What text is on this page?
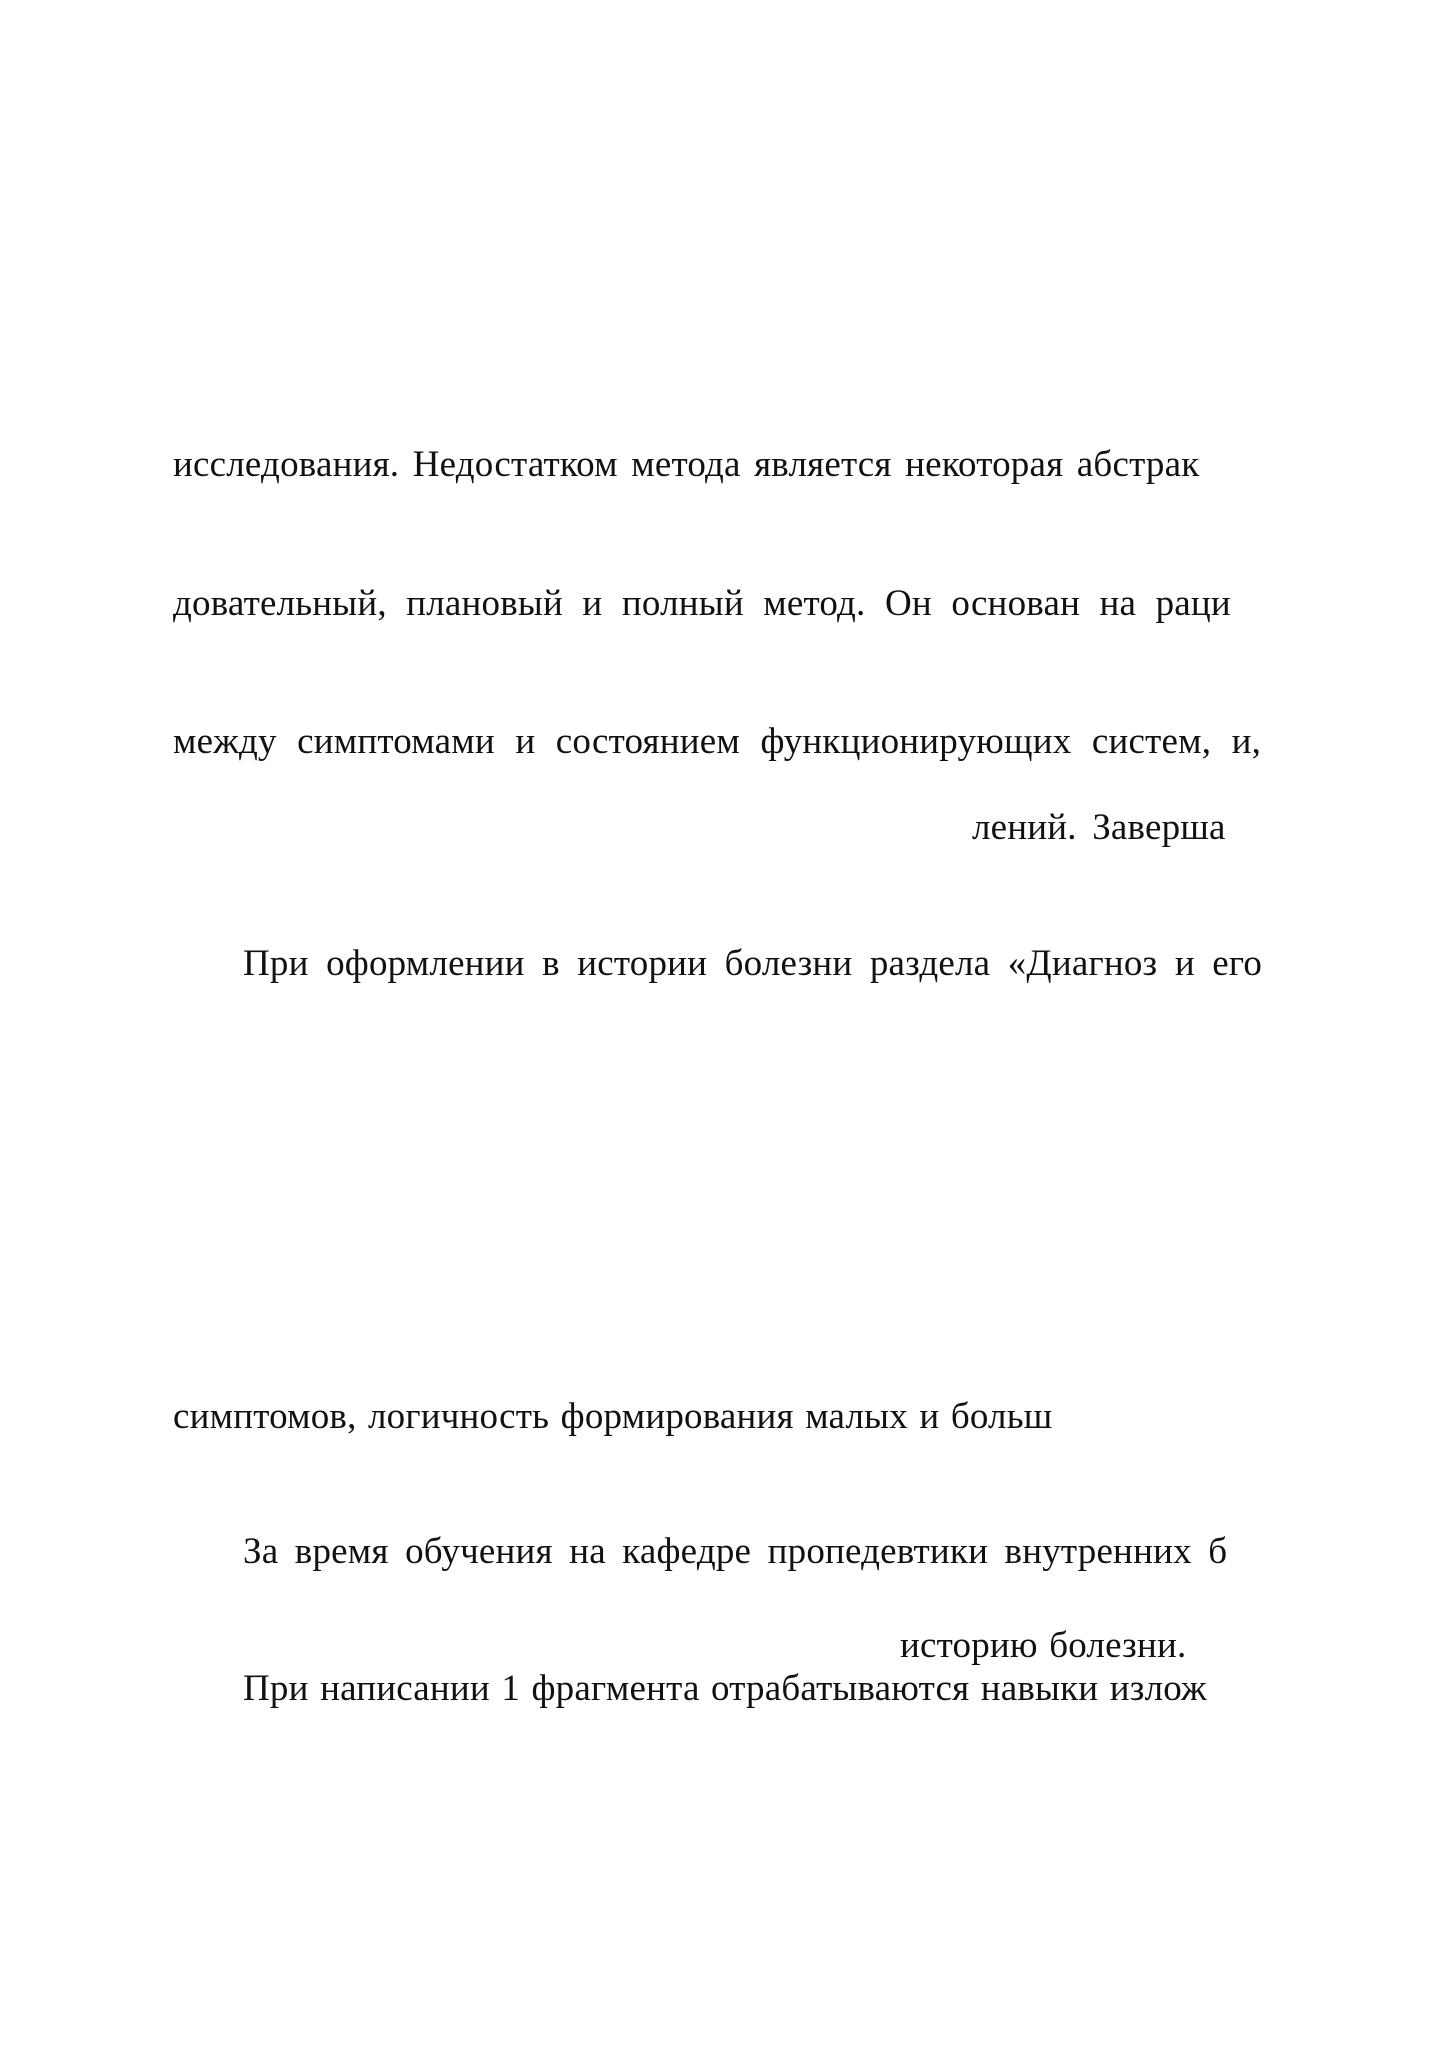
исследования. Недостатком метода является некоторая абстрак
довательный, плановый и полный метод. Он основан на раци
между симптомами и состоянием функционирующих систем, и,
лений. Заверша
При оформлении в истории болезни раздела «Диагноз и его
симптомов, логичность формирования малых и больш
За время обучения на кафедре пропедевтики внутренних б
историю болезни.
При написании 1 фрагмента отрабатываются навыки излож
